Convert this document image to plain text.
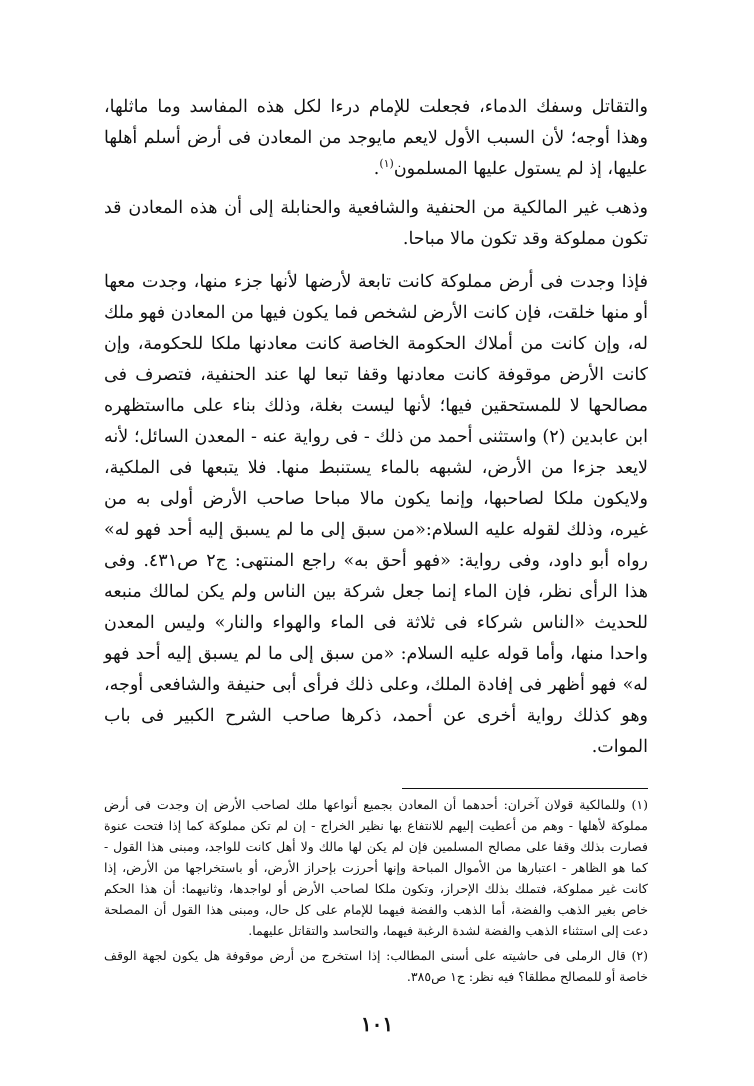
والتقاتل وسفك الدماء، فجعلت للإمام درءا لكل هذه المفاسد وما ماثلها، وهذا أوجه؛ لأن السبب الأول لايعم مايوجد من المعادن فى أرض أسلم أهلها عليها، إذ لم يستول عليها المسلمون$^{(١)}$.

وذهب غير المالكية من الحنفية والشافعية والحنابلة إلى أن هذه المعادن قد تكون مملوكة وقد تكون مالا مباحا.

فإذا وجدت فى أرض مملوكة كانت تابعة لأرضها لأنها جزء منها، وجدت معها أو منها خلقت، فإن كانت الأرض لشخص فما يكون فيها من المعادن فهو ملك له، وإن كانت من أملاك الحكومة الخاصة كانت معادنها ملكا للحكومة، وإن كانت الأرض موقوفة كانت معادنها وقفا تبعا لها عند الحنفية، فتصرف فى مصالحها لا للمستحقين فيها؛ لأنها ليست بغلة، وذلك بناء على مااستظهره ابن عابدين (٢) واستثنى أحمد من ذلك - فى رواية عنه - المعدن السائل؛ لأنه لايعد جزءا من الأرض، لشبهه بالماء يستنبط منها. فلا يتبعها فى الملكية، ولايكون ملكا لصاحبها، وإنما يكون مالا مباحا صاحب الأرض أولى به من غيره، وذلك لقوله عليه السلام:«من سبق إلى ما لم يسبق إليه أحد فهو له» رواه أبو داود، وفى رواية: «فهو أحق به» راجع المنتهى: ج٢ ص٤٣١. وفى هذا الرأى نظر، فإن الماء إنما جعل شركة بين الناس ولم يكن لمالك منبعه للحديث «الناس شركاء فى ثلاثة فى الماء والهواء والنار» وليس المعدن واحدا منها، وأما قوله عليه السلام: «من سبق إلى ما لم يسبق إليه أحد فهو له» فهو أظهر فى إفادة الملك، وعلى ذلك فرأى أبى حنيفة والشافعى أوجه، وهو كذلك رواية أخرى عن أحمد، ذكرها صاحب الشرح الكبير فى باب الموات.

(١) وللمالكية قولان آخران: أحدهما أن المعادن بجميع أنواعها ملك لصاحب الأرض إن وجدت فى أرض مملوكة لأهلها - وهم من أعطيت إليهم للانتفاع بها نظير الخراج - إن لم تكن مملوكة كما إذا فتحت عنوة فصارت بذلك وقفا على مصالح المسلمين فإن لم يكن لها مالك ولا أهل كانت للواجد، ومبنى هذا القول - كما هو الظاهر - اعتبارها من الأموال المباحة وإنها أحرزت بإحراز الأرض، أو باستخراجها من الأرض، إذا كانت غير مملوكة، فتملك بذلك الإحراز، وتكون ملكا لصاحب الأرض أو لواجدها، وثانيهما: أن هذا الحكم خاص بغير الذهب والفضة، أما الذهب والفضة فيهما للإمام على كل حال، ومبنى هذا القول أن المصلحة دعت إلى استثناء الذهب والفضة لشدة الرغبة فيهما، والتحاسد والتقاتل عليهما.

(٢) قال الرملى فى حاشيته على أسنى المطالب: إذا استخرج من أرض موقوفة هل يكون لجهة الوقف خاصة أو للمصالح مطلقا؟ فيه نظر: ج١ ص٣٨٥.

١٠١
